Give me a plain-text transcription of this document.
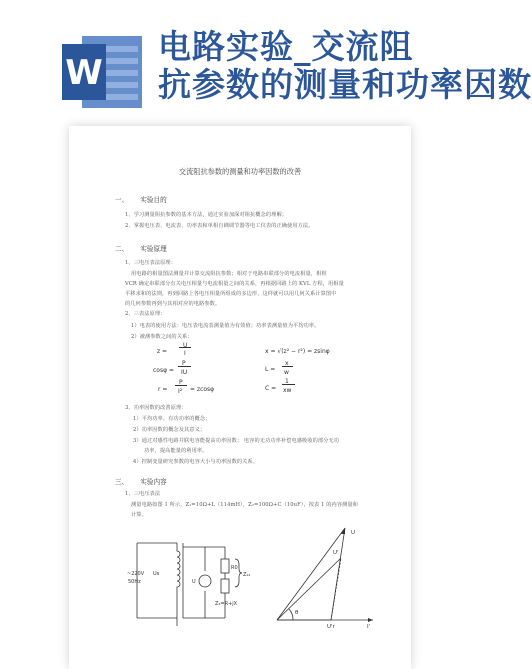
W
电路实验_交流阻
抗参数的测量和功率因数
交流阻抗参数的测量和功率因数的改善
一、 实验目的
1、学习测量阻抗参数的基本方法，通过实验加深对阻抗概念的理解；
2、掌握电压表、电流表、功率表和单相自耦调节器等电工仪表的正确使用方法。
二、 实验原理
1、三电压表法原理：
用电路的相量图法测量并计算交流阻抗参数；相对于电路串联部分的电流相量，相相
VCR 确定串联部分有关电压相量与电流相量之间的关系，再根据回路上的 KVL 方程，用相量
平移求和的法则，再到回路上各电压相量所组成的多边形，这样就可以用几何关系计算图中
的几何参数再到与其相对应的电路参数。
2、三表法原理：
1）电表的使用方法：电压表电流表测量值为有效值；功率表测量值为平均功率。
2）被测参数之间的关系：
z =
U
I
cosφ =
P
IU
r =
P
I² = zcosφ
x = √(z² − r²) = zsinφ
L =
x
w
C =
1
xw
3、功率因数的改善原理：
1）平均功率、有功功率的概念；
2）功率因数的概念及其意义；
3）通过对感性电路并联电容能提高功率因数； 电容的无功功率补偿电感吸收的部分无功
功率，提高能量的利用率。
4）控制变量研究参数的电容大小与功率因数的关系。
三、 实验内容
1、三电压表法
测量电路如图 1 所示，Z₁=10Ω+L（114mH），Z₂=100Ω+C（10uF），按表 1 的内容测量和
计算。
~220V
50Hz
Us
U
R0
Z₁₂
Z₃=R+jX
U
U'
U'r	I'
θ
